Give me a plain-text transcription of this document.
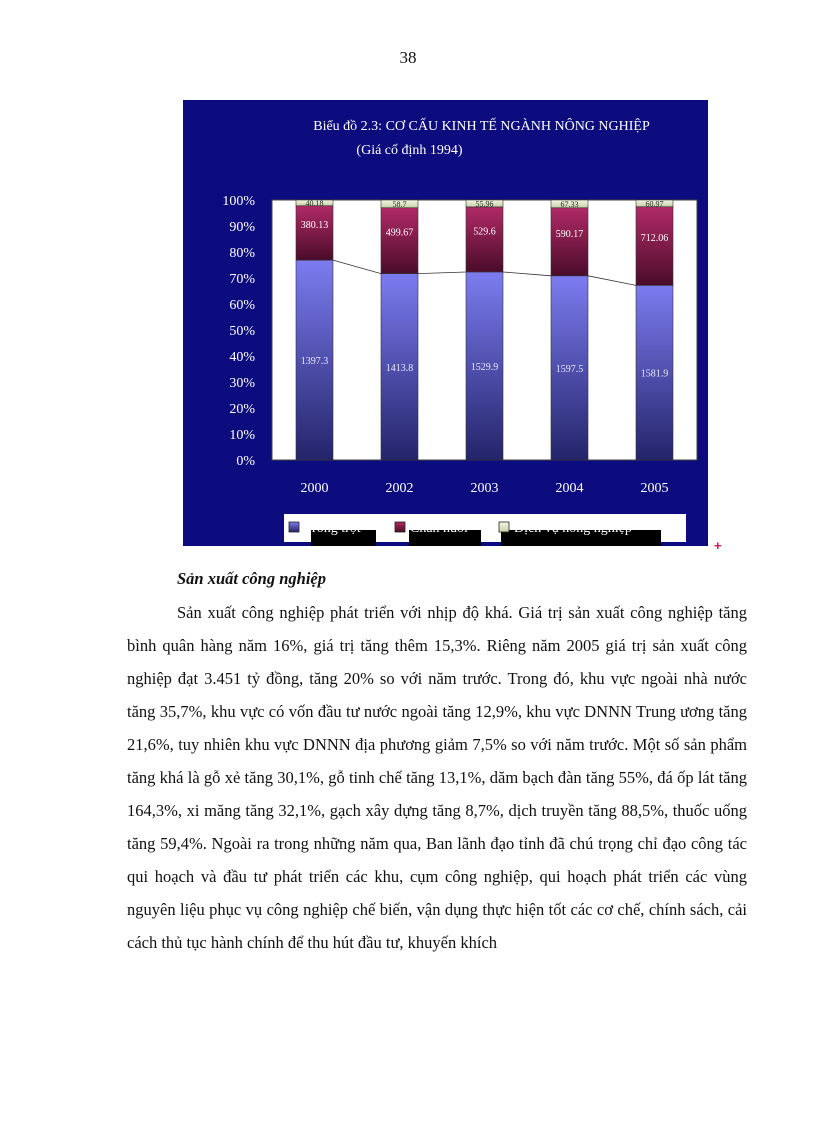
38
Biểu đồ 2.3: CƠ CẤU KINH TẾ NGÀNH NÔNG NGHIỆP
(Giá cố định 1994)
0%
10%
20%
30%
40%
50%
60%
70%
80%
90%
100%
1397.3
380.13
40.18
2000
1413.8
499.67
58.7
2002
1529.9
529.6
55.96
2003
1597.5
590.17
67.33
2004
1581.9
712.06
60.97
2005
Trồng trọt	Chăn nuôi	Dịch vụ nông nghiệp
+
Sản xuất công nghiệp

Sản xuất công nghiệp phát triển với nhịp độ khá. Giá trị sản xuất công nghiệp tăng bình quân hàng năm 16%, giá trị tăng thêm 15,3%. Riêng năm 2005 giá trị sản xuất công nghiệp đạt 3.451 tỷ đồng, tăng 20% so với năm trước. Trong đó, khu vực ngoài nhà nước tăng 35,7%, khu vực có vốn đầu tư nước ngoài tăng 12,9%, khu vực DNNN Trung ương tăng 21,6%, tuy nhiên khu vực DNNN địa phương giảm 7,5% so với năm trước. Một số sản phẩm tăng khá là gỗ xẻ tăng 30,1%, gỗ tinh chế tăng 13,1%, dăm bạch đàn tăng 55%, đá ốp lát tăng 164,3%, xi măng tăng 32,1%, gạch xây dựng tăng 8,7%, dịch truyền tăng 88,5%, thuốc uống tăng 59,4%. Ngoài ra trong những năm qua, Ban lãnh đạo tỉnh đã chú trọng chỉ đạo công tác qui hoạch và đầu tư phát triển các khu, cụm công nghiệp, qui hoạch phát triển các vùng nguyên liệu phục vụ công nghiệp chế biến, vận dụng thực hiện tốt các cơ chế, chính sách, cải cách thủ tục hành chính để thu hút đầu tư, khuyến khích
